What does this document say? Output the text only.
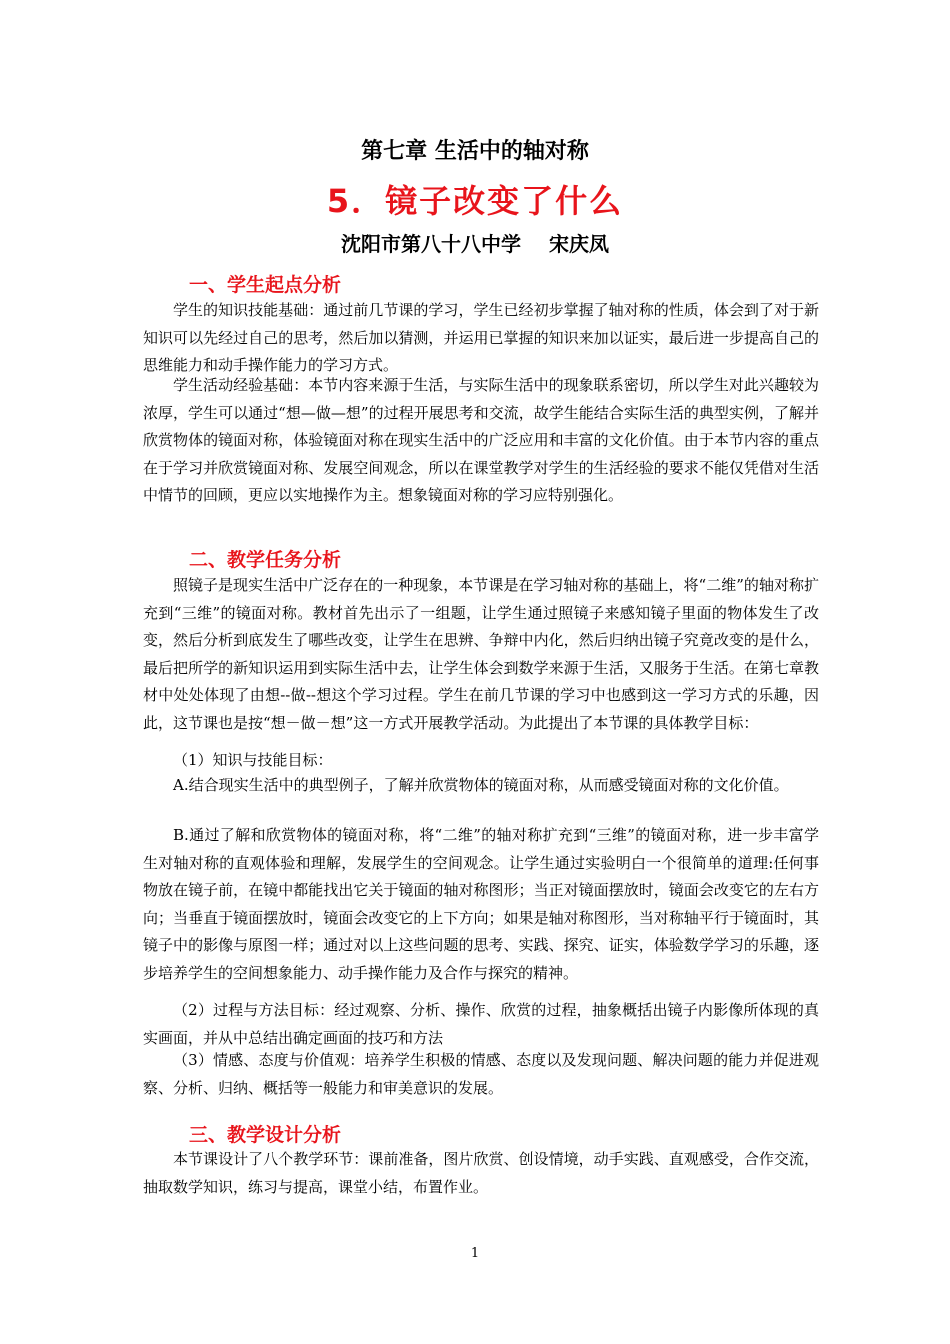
第七章 生活中的轴对称
5．镜子改变了什么
沈阳市第八十八中学 宋庆凤
一、学生起点分析

学生的知识技能基础：通过前几节课的学习，学生已经初步掌握了轴对称的性质，体会到了对于新知识可以先经过自己的思考，然后加以猜测，并运用已掌握的知识来加以证实，最后进一步提高自己的思维能力和动手操作能力的学习方式。

学生活动经验基础：本节内容来源于生活，与实际生活中的现象联系密切，所以学生对此兴趣较为浓厚，学生可以通过“想—做—想”的过程开展思考和交流，故学生能结合实际生活的典型实例，了解并欣赏物体的镜面对称，体验镜面对称在现实生活中的广泛应用和丰富的文化价值。由于本节内容的重点在于学习并欣赏镜面对称、发展空间观念，所以在课堂教学对学生的生活经验的要求不能仅凭借对生活中情节的回顾，更应以实地操作为主。想象镜面对称的学习应特别强化。

二、教学任务分析

照镜子是现实生活中广泛存在的一种现象，本节课是在学习轴对称的基础上，将“二维”的轴对称扩充到“三维”的镜面对称。教材首先出示了一组题，让学生通过照镜子来感知镜子里面的物体发生了改变，然后分析到底发生了哪些改变，让学生在思辨、争辩中内化，然后归纳出镜子究竟改变的是什么，最后把所学的新知识运用到实际生活中去，让学生体会到数学来源于生活，又服务于生活。在第七章教材中处处体现了由想--做--想这个学习过程。学生在前几节课的学习中也感到这一学习方式的乐趣，因此，这节课也是按“想－做－想”这一方式开展教学活动。为此提出了本节课的具体教学目标：

（1）知识与技能目标：

A.结合现实生活中的典型例子，了解并欣赏物体的镜面对称，从而感受镜面对称的文化价值。

B.通过了解和欣赏物体的镜面对称，将“二维”的轴对称扩充到“三维”的镜面对称，进一步丰富学生对轴对称的直观体验和理解，发展学生的空间观念。让学生通过实验明白一个很简单的道理:任何事物放在镜子前，在镜中都能找出它关于镜面的轴对称图形；当正对镜面摆放时，镜面会改变它的左右方向；当垂直于镜面摆放时，镜面会改变它的上下方向；如果是轴对称图形，当对称轴平行于镜面时，其镜子中的影像与原图一样；通过对以上这些问题的思考、实践、探究、证实，体验数学学习的乐趣，逐步培养学生的空间想象能力、动手操作能力及合作与探究的精神。

（2）过程与方法目标：经过观察、分析、操作、欣赏的过程，抽象概括出镜子内影像所体现的真实画面，并从中总结出确定画面的技巧和方法

（3）情感、态度与价值观：培养学生积极的情感、态度以及发现问题、解决问题的能力并促进观察、分析、归纳、概括等一般能力和审美意识的发展。

三、教学设计分析

本节课设计了八个教学环节：课前准备，图片欣赏、创设情境，动手实践、直观感受，合作交流，抽取数学知识，练习与提高，课堂小结，布置作业。

1
